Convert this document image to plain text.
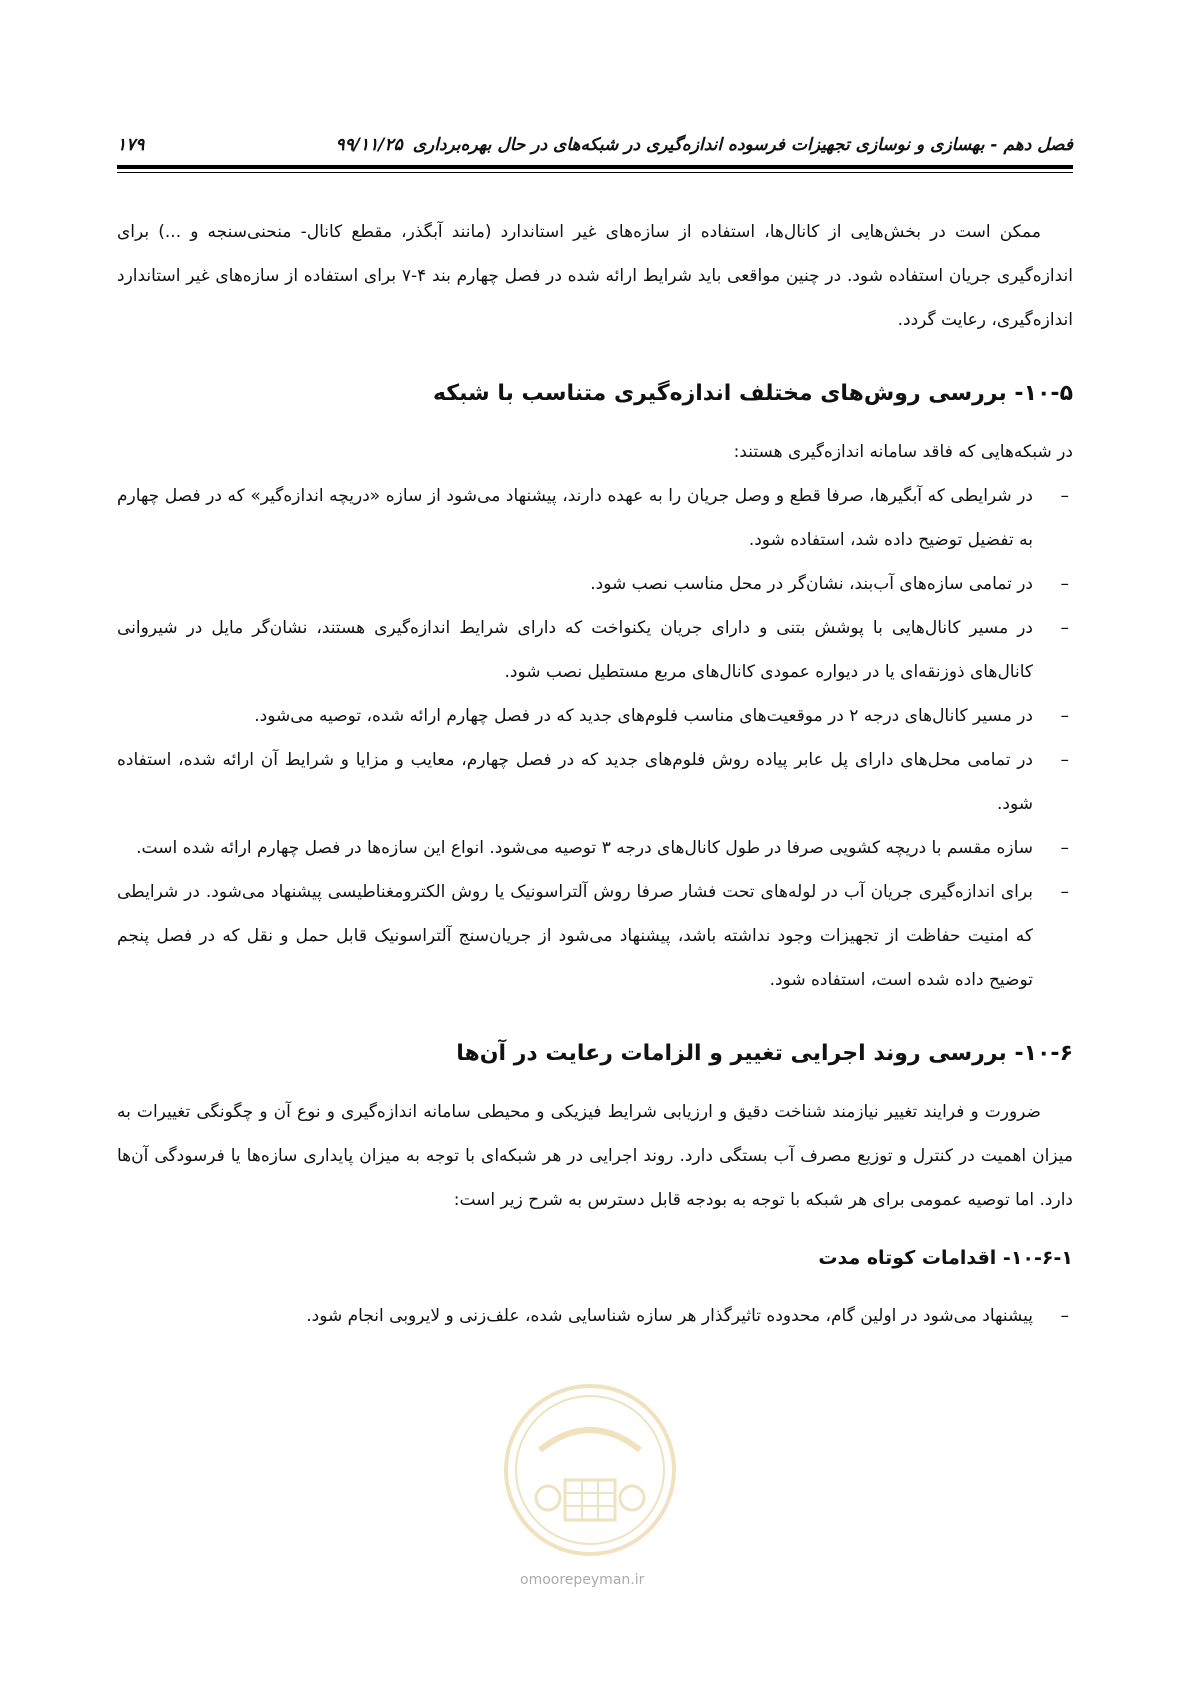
فصل دهم - بهسازی و نوسازی تجهیزات فرسوده اندازه‌گیری در شبکه‌های در حال بهره‌برداری
۹۹/۱۱/۲۵
۱۷۹

ممکن است در بخش‌هایی از کانال‌ها، استفاده از سازه‌های غیر استاندارد (مانند آبگذر، مقطع کانال- منحنی‌سنجه و ...) برای اندازه‌گیری جریان استفاده شود. در چنین مواقعی باید شرایط ارائه شده در فصل چهارم بند ۴-۷ برای استفاده از سازه‌های غیر استاندارد اندازه‌گیری، رعایت گردد.

۱۰-۵- بررسی روش‌های مختلف اندازه‌گیری متناسب با شبکه

در شبکه‌هایی که فاقد سامانه اندازه‌گیری هستند:

– در شرایطی که آبگیرها، صرفا قطع و وصل جریان را به عهده دارند، پیشنهاد می‌شود از سازه «دریچه اندازه‌گیر» که در فصل چهارم به تفضیل توضیح داده شد، استفاده شود.
– در تمامی سازه‌های آب‌بند، نشان‌گر در محل مناسب نصب شود.
– در مسیر کانال‌هایی با پوشش بتنی و دارای جریان یکنواخت که دارای شرایط اندازه‌گیری هستند، نشان‌گر مایل در شیروانی کانال‌های ذوزنقه‌ای یا در دیواره عمودی کانال‌های مربع مستطیل نصب شود.
– در مسیر کانال‌های درجه ۲ در موقعیت‌های مناسب فلوم‌های جدید که در فصل چهارم ارائه شده، توصیه می‌شود.
– در تمامی محل‌های دارای پل عابر پیاده روش فلوم‌های جدید که در فصل چهارم، معایب و مزایا و شرایط آن ارائه شده، استفاده شود.
– سازه مقسم با دریچه کشویی صرفا در طول کانال‌های درجه ۳ توصیه می‌شود. انواع این سازه‌ها در فصل چهارم ارائه شده است.
– برای اندازه‌گیری جریان آب در لوله‌های تحت فشار صرفا روش آلتراسونیک یا روش الکترومغناطیسی پیشنهاد می‌شود. در شرایطی که امنیت حفاظت از تجهیزات وجود نداشته باشد، پیشنهاد می‌شود از جریان‌سنج آلتراسونیک قابل حمل و نقل که در فصل پنجم توضیح داده شده است، استفاده شود.
۱۰-۶- بررسی روند اجرایی تغییر و الزامات رعایت در آن‌ها

ضرورت و فرایند تغییر نیازمند شناخت دقیق و ارزیابی شرایط فیزیکی و محیطی سامانه اندازه‌گیری و نوع آن و چگونگی تغییرات به میزان اهمیت در کنترل و توزیع مصرف آب بستگی دارد. روند اجرایی در هر شبکه‌ای با توجه به میزان پایداری سازه‌ها یا فرسودگی آن‌ها دارد. اما توصیه عمومی برای هر شبکه با توجه به بودجه قابل دسترس به شرح زیر است:

۱۰-۶-۱- اقدامات کوتاه مدت
– پیشنهاد می‌شود در اولین گام، محدوده تاثیرگذار هر سازه شناسایی شده، علف‌زنی و لایروبی انجام شود.
omoorepeyman.ir
